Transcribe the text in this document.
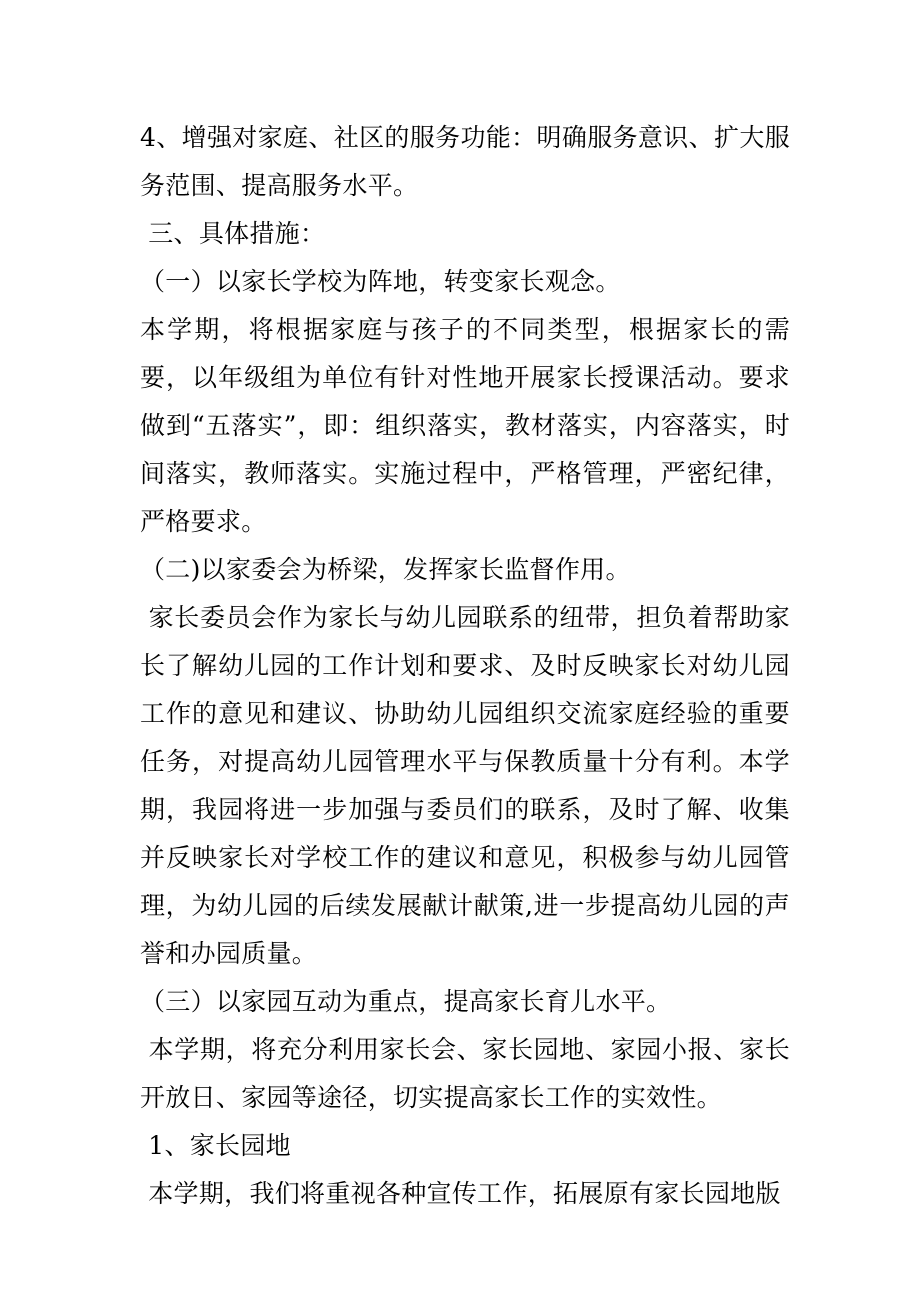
4、增强对家庭、社区的服务功能：明确服务意识、扩大服务范围、提高服务水平。

三、具体措施：

（一）以家长学校为阵地，转变家长观念。

本学期，将根据家庭与孩子的不同类型，根据家长的需要，以年级组为单位有针对性地开展家长授课活动。要求做到“五落实”，即：组织落实，教材落实，内容落实，时间落实，教师落实。实施过程中，严格管理，严密纪律，严格要求。

（二)以家委会为桥梁，发挥家长监督作用。

家长委员会作为家长与幼儿园联系的纽带，担负着帮助家长了解幼儿园的工作计划和要求、及时反映家长对幼儿园工作的意见和建议、协助幼儿园组织交流家庭经验的重要任务，对提高幼儿园管理水平与保教质量十分有利。本学期，我园将进一步加强与委员们的联系，及时了解、收集并反映家长对学校工作的建议和意见，积极参与幼儿园管理，为幼儿园的后续发展献计献策,进一步提高幼儿园的声誉和办园质量。

（三）以家园互动为重点，提高家长育儿水平。

本学期，将充分利用家长会、家长园地、家园小报、家长开放日、家园等途径，切实提高家长工作的实效性。

1、家长园地

本学期，我们将重视各种宣传工作，拓展原有家长园地版
